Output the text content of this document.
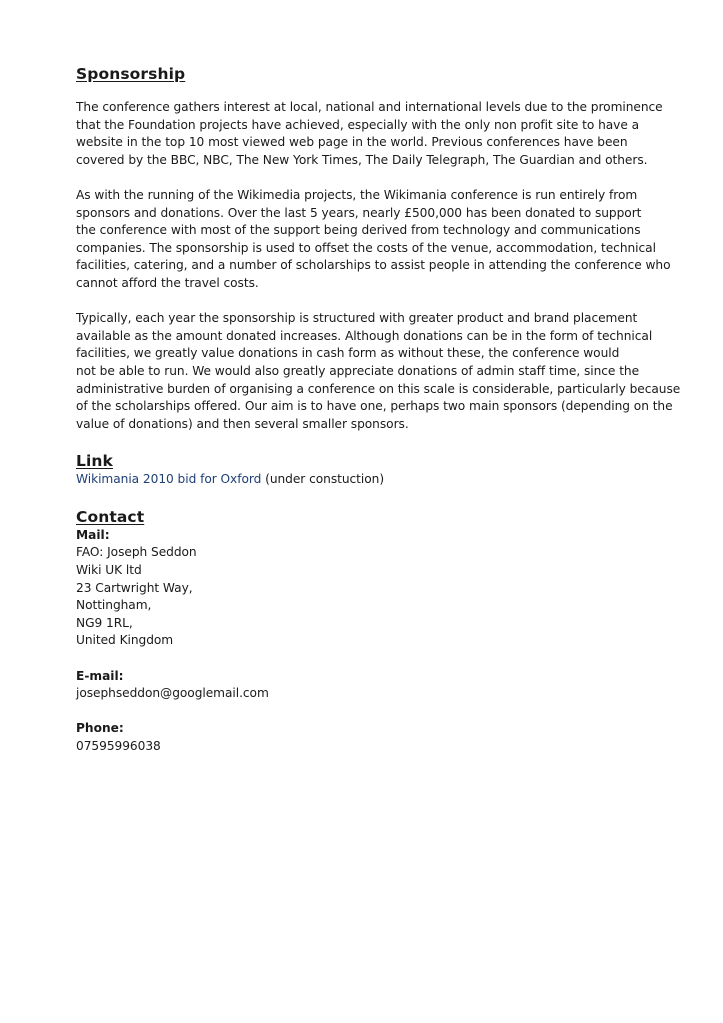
Sponsorship

The conference gathers interest at local, national and international levels due to the prominence

that the Foundation projects have achieved, especially with the only non profit site to have a

website in the top 10 most viewed web page in the world. Previous conferences have been

covered by the BBC, NBC, The New York Times, The Daily Telegraph, The Guardian and others.

As with the running of the Wikimedia projects, the Wikimania conference is run entirely from

sponsors and donations. Over the last 5 years, nearly £500,000 has been donated to support

the conference with most of the support being derived from technology and communications

companies. The sponsorship is used to offset the costs of the venue, accommodation, technical

facilities, catering, and a number of scholarships to assist people in attending the conference who

cannot afford the travel costs.

Typically, each year the sponsorship is structured with greater product and brand placement

available as the amount donated increases. Although donations can be in the form of technical

facilities, we greatly value donations in cash form as without these, the conference would

not be able to run. We would also greatly appreciate donations of admin staff time, since the

administrative burden of organising a conference on this scale is considerable, particularly because

of the scholarships offered. Our aim is to have one, perhaps two main sponsors (depending on the

value of donations) and then several smaller sponsors.

Link

Wikimania 2010 bid for Oxford (under constuction)

Contact

Mail:

FAO: Joseph Seddon

Wiki UK ltd

23 Cartwright Way,

Nottingham,

NG9 1RL,

United Kingdom

E-mail:

josephseddon@googlemail.com

Phone:

07595996038
